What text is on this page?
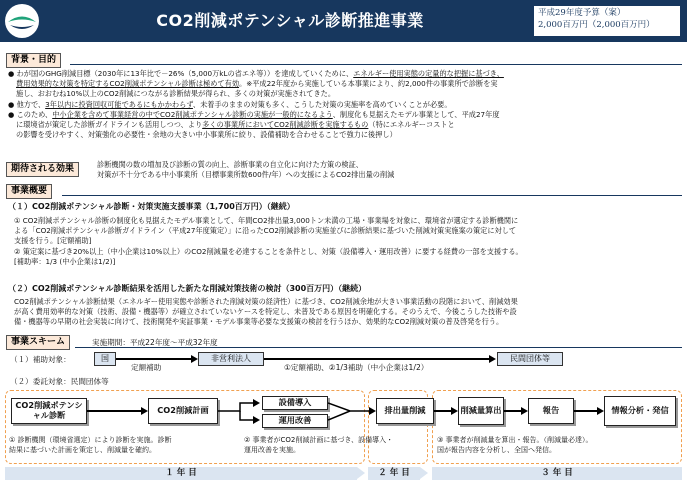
CO2削減ポテンシャル診断推進事業	平成29年度予算（案）
2,000百万円（2,000百万円）
背景・目的
● わが国のGHG削減目標（2030年に13年比で－26%（5,000万kLの省エネ等））を達成していくために、エネルギー使用実態の定量的な把握に基づき、
費用効果的な対策を特定するCO2削減ポテンシャル診断は極めて有効。※平成22年度から実施している本事業により、約2,000件の事業所で診断を実
施し、おおむね10%以上のCO2削減につながる診断結果が得られ、多くの対策が実施されてきた。
● 他方で、3年以内に投資回収可能であるにもかかわらず、未着手のままの対策も多く、こうした対策の実施率を高めていくことが必要。
● このため、中小企業を含めて事業経営の中でCO2削減ポテンシャル診断の実施が一般的になるよう、制度化も見据えたモデル事業として、平成27年度
に環境省が策定した診断ガイドラインも活用しつつ、より多くの事業所においてCO2削減診断を実施するもの（特にエネルギーコストと
の影響を受けやすく、対策強化の必要性・余地の大きい中小事業所に絞り、設備補助を合わせることで強力に後押し）
期待される効果	診断機関の数の増加及び診断の質の向上、診断事業の自立化に向けた方策の検証、
対策が不十分である中小事業所（目標事業所数600件/年）への支援によるCO2排出量の削減
事業概要
（１）CO2削減ポテンシャル診断・対策実施支援事業（1,700百万円）（継続）
① CO2削減ポテンシャル診断の制度化も見据えたモデル事業として、年間CO2排出量3,000トン未満の工場・事業場を対象に、環境省が選定する診断機関に
よる「CO2削減ポテンシャル診断ガイドライン（平成27年度策定）」に沿ったCO2削減診断の実施並びに診断結果に基づいた削減対策実施案の策定に対して
支援を行う。[定額補助]
② 策定案に基づき20%以上（中小企業は10%以上）のCO2削減量を必達することを条件とし、対策（設備導入・運用改善）に要する経費の一部を支援する。
[補助率：1/3 (中小企業は1/2)]
（２）CO2削減ポテンシャル診断結果を活用した新たな削減対策技術の検討（300百万円）（継続）
CO2削減ポテンシャル診断結果（エネルギー使用実態や診断された削減対策の経済性）に基づき、CO2削減余地が大きい事業活動の段階において、削減効果
が高く費用効率的な対策（技術、設備・機器等）が確立されていないケースを特定し、未普及である原因を明確化する。そのうえで、今後こうした技術や設
備・機器等の早期の社会実装に向けて、技術開発や実証事業・モデル事業等必要な支援策の検討を行うほか、効果的なCO2削減対策の普及啓発を行う。
事業スキーム	実施期間：平成22年度～平成32年度
（１）補助対象：	国
定額補助
非営利法人
①定額補助、②1/3補助（中小企業は1/2）
民間団体等
（２）委託対象：民間団体等
CO2削減ポテンシャル診断	CO2削減計画
設備導入
運用改善
排出量削減	削減量算出	報告	情報分析・発信
① 診断機関（環境省選定）により診断を実施。診断
結果に基づいた計画を策定し、削減量を確約。
② 事業者がCO2削減計画に基づき、設備導入・
運用改善を実施。
③ 事業者が削減量を算出・報告。（削減量必達）。
国が報告内容を分析し、全国へ発信。
１ 年 目	２ 年 目	３ 年 目
